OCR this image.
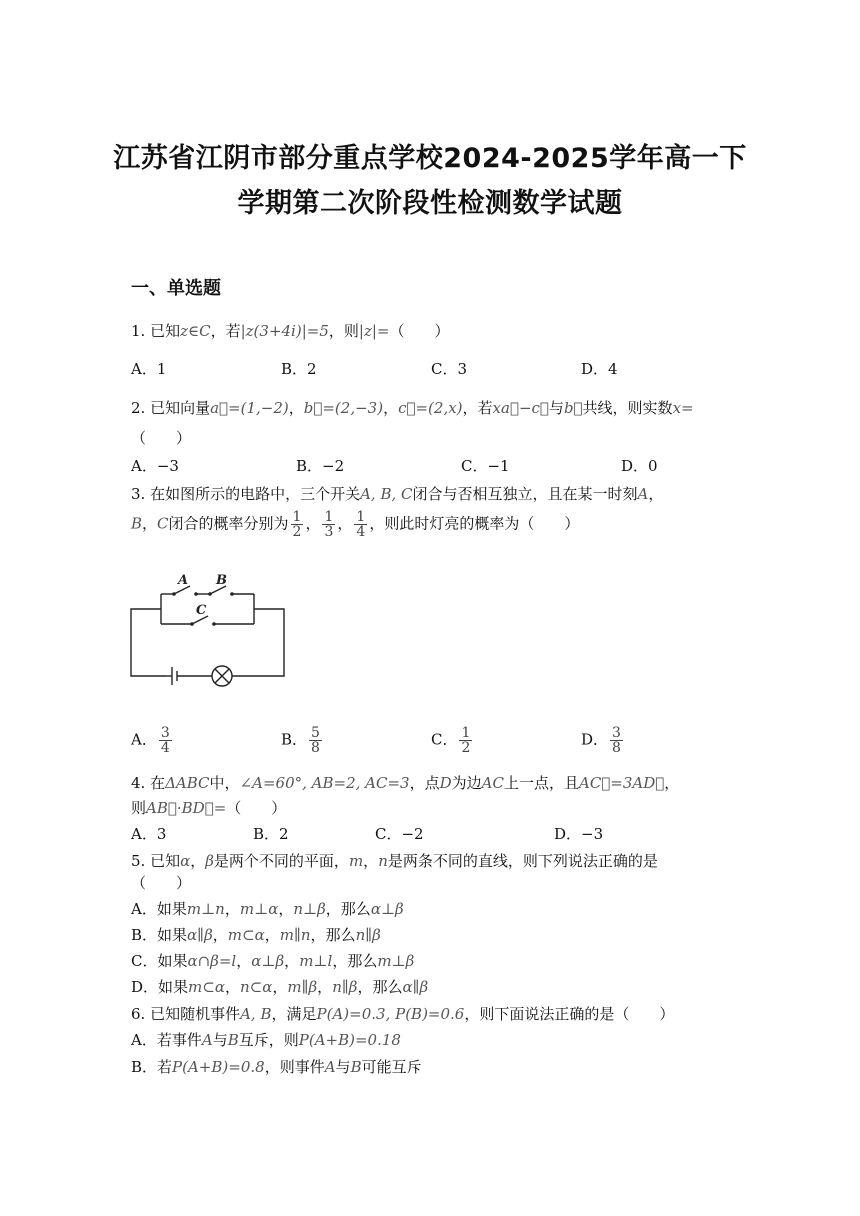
江苏省江阴市部分重点学校2024-2025学年高一下
学期第二次阶段性检测数学试题
一、单选题
1. 已知z∈C，若|z(3+4i)|=5，则|z|=（　　）
A．1	B．2	C．3	D．4
2. 已知向量a⃗=(1,−2)，b⃗=(2,−3)，c⃗=(2,x)，若xa⃗−c⃗与b⃗共线，则实数x=
（　　）
A．−3	B．−2	C．−1	D．0
3. 在如图所示的电路中，三个开关A, B, C闭合与否相互独立，且在某一时刻A，
B，C闭合的概率分别为 $\frac{1}{2}$ ， $\frac{1}{3}$ ， $\frac{1}{4}$ ，则此时灯亮的概率为（　　）
A B
C
A． $\frac{3}{4}$	B． $\frac{5}{8}$	C． $\frac{1}{2}$	D． $\frac{3}{8}$
4. 在ΔABC中，∠A=60°, AB=2, AC=3，点D为边AC上一点，且AC⃗=3AD⃗，
则AB⃗·BD⃗=（　　）
A．3	B．2	C．−2	D．−3
5. 已知α，β是两个不同的平面，m，n是两条不同的直线，则下列说法正确的是
（　　）
A．如果m⊥n，m⊥α，n⊥β，那么α⊥β
B．如果α∥β，m⊂α，m∥n，那么n∥β
C．如果α∩β=l，α⊥β，m⊥l，那么m⊥β
D．如果m⊂α，n⊂α，m∥β，n∥β，那么α∥β
6. 已知随机事件A, B，满足P(A)=0.3, P(B)=0.6，则下面说法正确的是（　　）
A．若事件A与B互斥，则P(A+B)=0.18
B．若P(A+B)=0.8，则事件A与B可能互斥
